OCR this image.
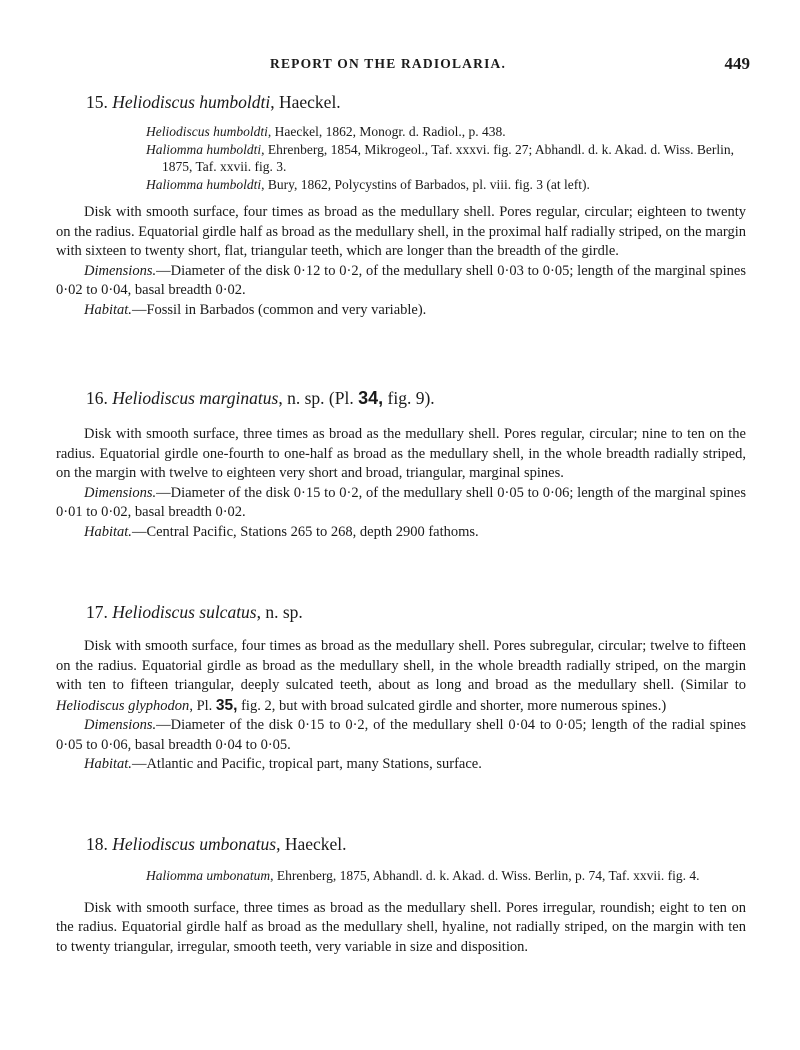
REPORT ON THE RADIOLARIA.	449

15. Heliodiscus humboldti, Haeckel.

Heliodiscus humboldti, Haeckel, 1862, Monogr. d. Radiol., p. 438.

Haliomma humboldti, Ehrenberg, 1854, Mikrogeol., Taf. xxxvi. fig. 27; Abhandl. d. k. Akad. d. Wiss. Berlin, 1875, Taf. xxvii. fig. 3.

Haliomma humboldti, Bury, 1862, Polycystins of Barbados, pl. viii. fig. 3 (at left).

Disk with smooth surface, four times as broad as the medullary shell. Pores regular, circular; eighteen to twenty on the radius. Equatorial girdle half as broad as the medullary shell, in the proximal half radially striped, on the margin with sixteen to twenty short, flat, triangular teeth, which are longer than the breadth of the girdle.

Dimensions.—Diameter of the disk 0·12 to 0·2, of the medullary shell 0·03 to 0·05; length of the marginal spines 0·02 to 0·04, basal breadth 0·02.

Habitat.—Fossil in Barbados (common and very variable).

16. Heliodiscus marginatus, n. sp. (Pl. 34, fig. 9).

Disk with smooth surface, three times as broad as the medullary shell. Pores regular, circular; nine to ten on the radius. Equatorial girdle one-fourth to one-half as broad as the medullary shell, in the whole breadth radially striped, on the margin with twelve to eighteen very short and broad, triangular, marginal spines.

Dimensions.—Diameter of the disk 0·15 to 0·2, of the medullary shell 0·05 to 0·06; length of the marginal spines 0·01 to 0·02, basal breadth 0·02.

Habitat.—Central Pacific, Stations 265 to 268, depth 2900 fathoms.

17. Heliodiscus sulcatus, n. sp.

Disk with smooth surface, four times as broad as the medullary shell. Pores subregular, circular; twelve to fifteen on the radius. Equatorial girdle as broad as the medullary shell, in the whole breadth radially striped, on the margin with ten to fifteen triangular, deeply sulcated teeth, about as long and broad as the medullary shell. (Similar to Heliodiscus glyphodon, Pl. 35, fig. 2, but with broad sulcated girdle and shorter, more numerous spines.)

Dimensions.—Diameter of the disk 0·15 to 0·2, of the medullary shell 0·04 to 0·05; length of the radial spines 0·05 to 0·06, basal breadth 0·04 to 0·05.

Habitat.—Atlantic and Pacific, tropical part, many Stations, surface.

18. Heliodiscus umbonatus, Haeckel.

Haliomma umbonatum, Ehrenberg, 1875, Abhandl. d. k. Akad. d. Wiss. Berlin, p. 74, Taf. xxvii. fig. 4.

Disk with smooth surface, three times as broad as the medullary shell. Pores irregular, roundish; eight to ten on the radius. Equatorial girdle half as broad as the medullary shell, hyaline, not radially striped, on the margin with ten to twenty triangular, irregular, smooth teeth, very variable in size and disposition.
